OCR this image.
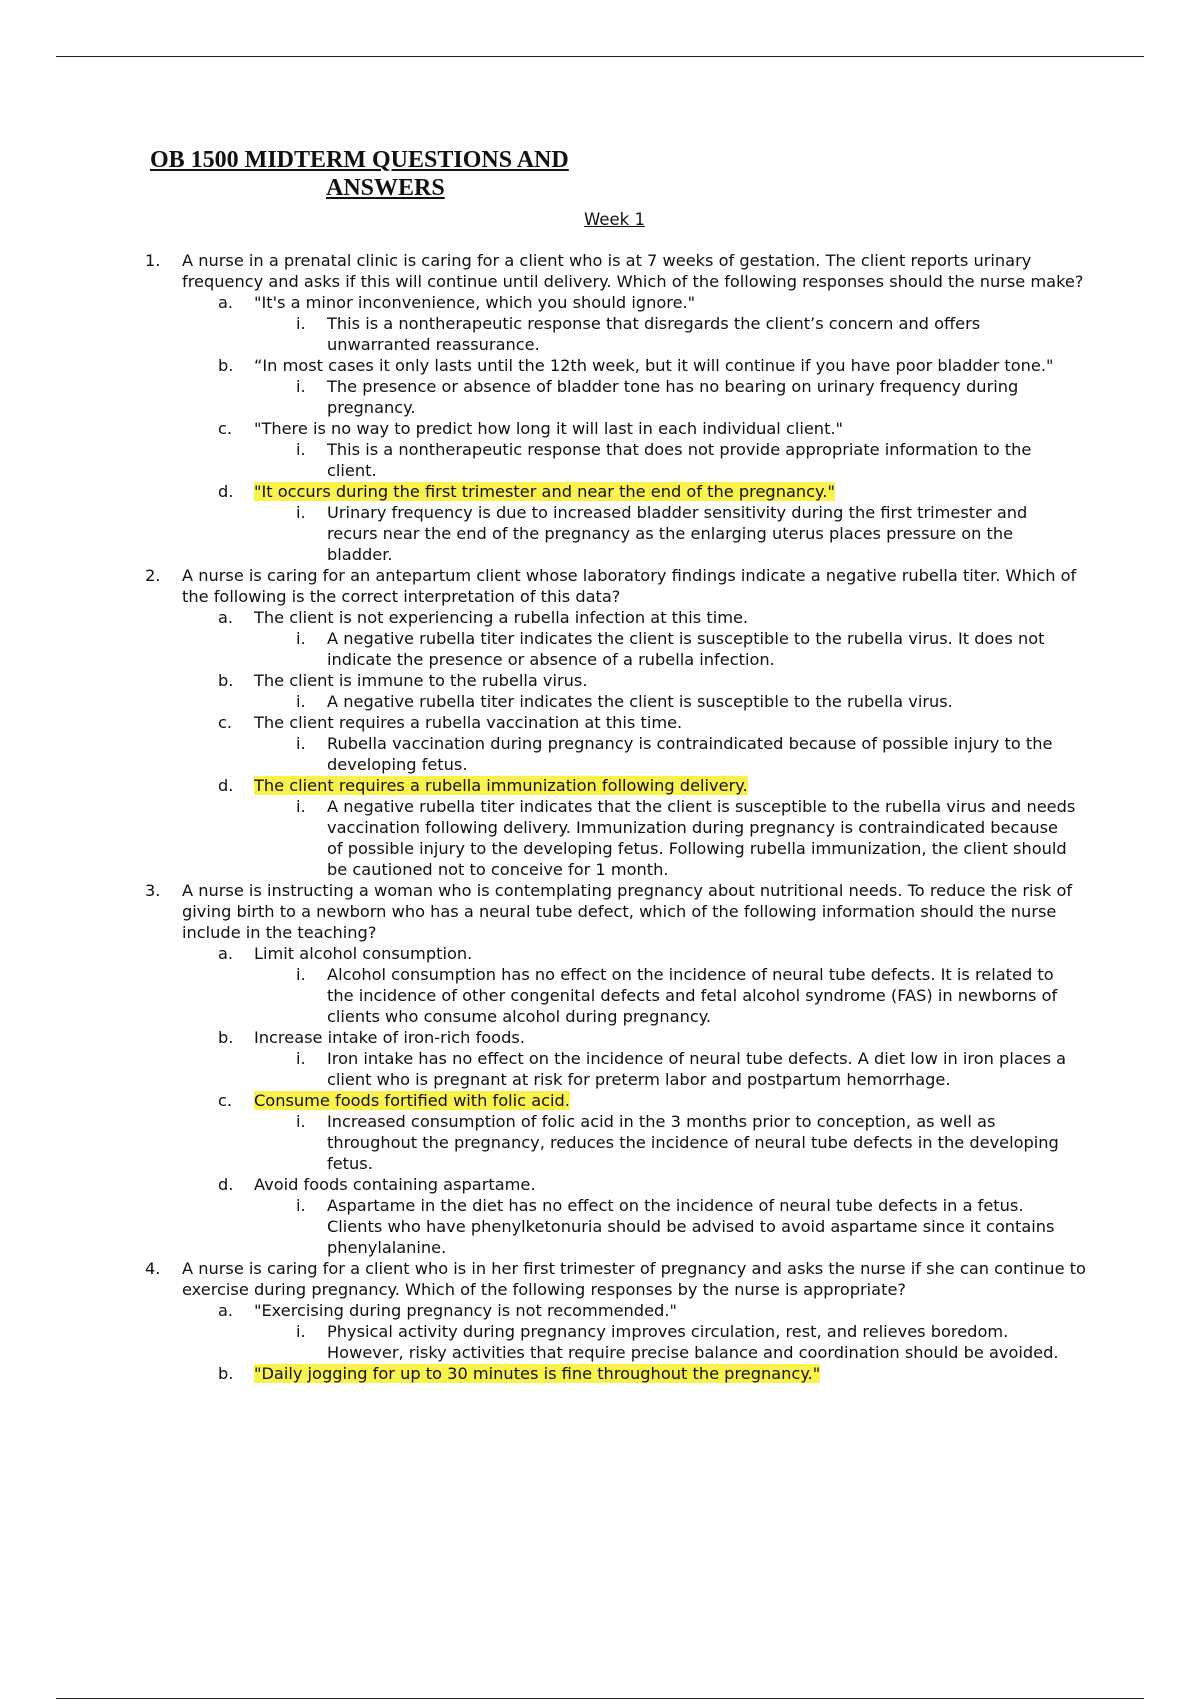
OB 1500 MIDTERM QUESTIONS AND
ANSWERS
Week 1
1. A nurse in a prenatal clinic is caring for a client who is at 7 weeks of gestation. The client reports urinary frequency and asks if this will continue until delivery. Which of the following responses should the nurse make?
a. "It's a minor inconvenience, which you should ignore."
i. This is a nontherapeutic response that disregards the client’s concern and offers unwarranted reassurance.
b. “In most cases it only lasts until the 12th week, but it will continue if you have poor bladder tone."
i. The presence or absence of bladder tone has no bearing on urinary frequency during pregnancy.
c. "There is no way to predict how long it will last in each individual client."
i. This is a nontherapeutic response that does not provide appropriate information to the client.
d. "It occurs during the first trimester and near the end of the pregnancy."
i. Urinary frequency is due to increased bladder sensitivity during the first trimester and recurs near the end of the pregnancy as the enlarging uterus places pressure on the bladder.
2. A nurse is caring for an antepartum client whose laboratory findings indicate a negative rubella titer. Which of the following is the correct interpretation of this data?
a. The client is not experiencing a rubella infection at this time.
i. A negative rubella titer indicates the client is susceptible to the rubella virus. It does not indicate the presence or absence of a rubella infection.
b. The client is immune to the rubella virus.
i. A negative rubella titer indicates the client is susceptible to the rubella virus.
c. The client requires a rubella vaccination at this time.
i. Rubella vaccination during pregnancy is contraindicated because of possible injury to the developing fetus.
d. The client requires a rubella immunization following delivery.
i. A negative rubella titer indicates that the client is susceptible to the rubella virus and needs vaccination following delivery. Immunization during pregnancy is contraindicated because of possible injury to the developing fetus. Following rubella immunization, the client should be cautioned not to conceive for 1 month.
3. A nurse is instructing a woman who is contemplating pregnancy about nutritional needs. To reduce the risk of giving birth to a newborn who has a neural tube defect, which of the following information should the nurse include in the teaching?
a. Limit alcohol consumption.
i. Alcohol consumption has no effect on the incidence of neural tube defects. It is related to the incidence of other congenital defects and fetal alcohol syndrome (FAS) in newborns of clients who consume alcohol during pregnancy.
b. Increase intake of iron-rich foods.
i. Iron intake has no effect on the incidence of neural tube defects. A diet low in iron places a client who is pregnant at risk for preterm labor and postpartum hemorrhage.
c. Consume foods fortified with folic acid.
i. Increased consumption of folic acid in the 3 months prior to conception, as well as throughout the pregnancy, reduces the incidence of neural tube defects in the developing fetus.
d. Avoid foods containing aspartame.
i. Aspartame in the diet has no effect on the incidence of neural tube defects in a fetus. Clients who have phenylketonuria should be advised to avoid aspartame since it contains phenylalanine.
4. A nurse is caring for a client who is in her first trimester of pregnancy and asks the nurse if she can continue to exercise during pregnancy. Which of the following responses by the nurse is appropriate?
a. "Exercising during pregnancy is not recommended."
i. Physical activity during pregnancy improves circulation, rest, and relieves boredom. However, risky activities that require precise balance and coordination should be avoided.
b. "Daily jogging for up to 30 minutes is fine throughout the pregnancy."
